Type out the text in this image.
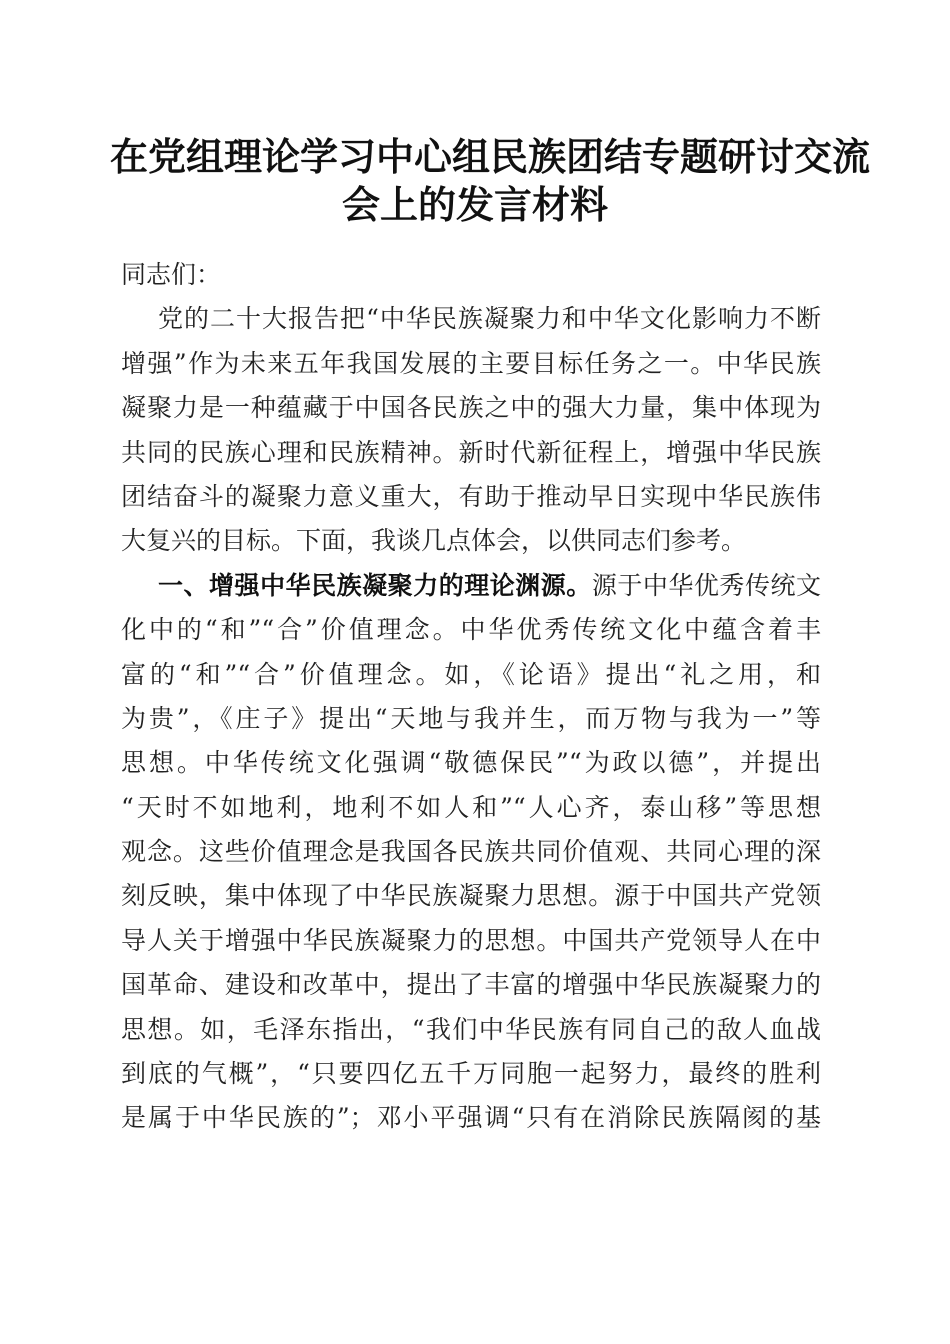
在党组理论学习中心组民族团结专题研讨交流
会上的发言材料
同志们：
党的二十大报告把“中华民族凝聚力和中华文化影响力不断
增强”作为未来五年我国发展的主要目标任务之一。中华民族
凝聚力是一种蕴藏于中国各民族之中的强大力量，集中体现为
共同的民族心理和民族精神。新时代新征程上，增强中华民族
团结奋斗的凝聚力意义重大，有助于推动早日实现中华民族伟
大复兴的目标。下面，我谈几点体会，以供同志们参考。
一、增强中华民族凝聚力的理论渊源。源于中华优秀传统文
化中的“和”“合”价值理念。中华优秀传统文化中蕴含着丰
富的“和”“合”价值理念。如，《论语》提出“礼之用，和
为贵”，《庄子》提出“天地与我并生，而万物与我为一”等
思想。中华传统文化强调“敬德保民”“为政以德”，并提出
“天时不如地利，地利不如人和”“人心齐，泰山移”等思想
观念。这些价值理念是我国各民族共同价值观、共同心理的深
刻反映，集中体现了中华民族凝聚力思想。源于中国共产党领
导人关于增强中华民族凝聚力的思想。中国共产党领导人在中
国革命、建设和改革中，提出了丰富的增强中华民族凝聚力的
思想。如，毛泽东指出，“我们中华民族有同自己的敌人血战
到底的气概”，“只要四亿五千万同胞一起努力，最终的胜利
是属于中华民族的”；邓小平强调“只有在消除民族隔阂的基
